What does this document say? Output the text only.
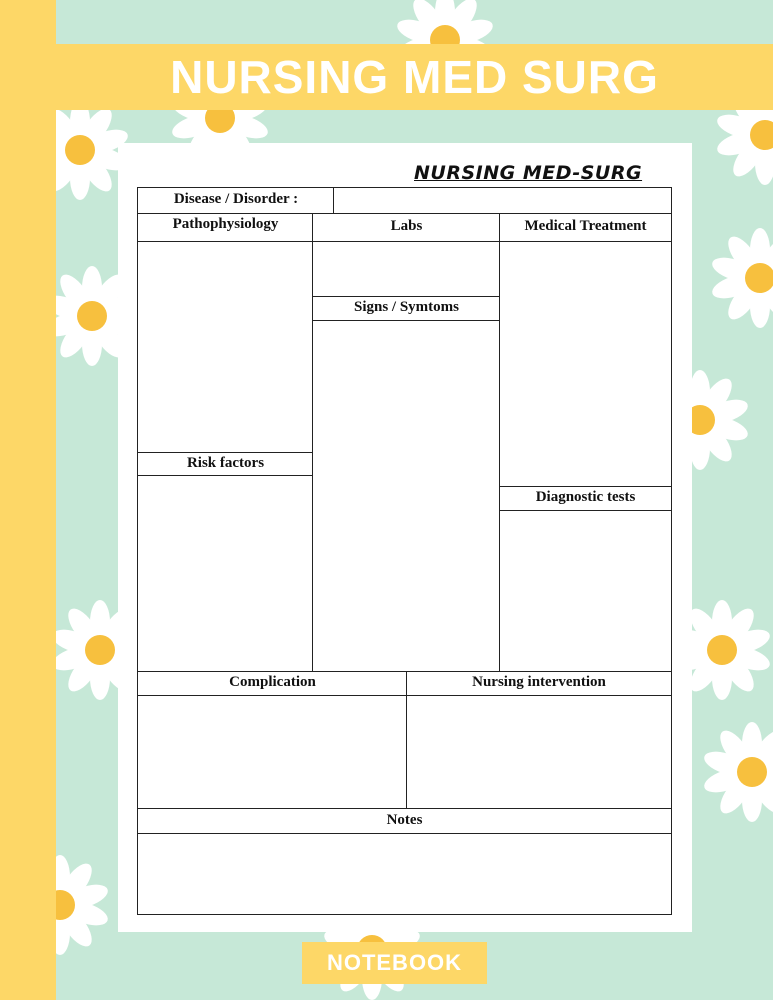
NURSING MED SURG
NURSING MED-SURG
Disease / Disorder :
Pathophysiology
Risk factors
Labs
Signs / Symtoms
Medical Treatment
Diagnostic tests
Complication	Nursing intervention
Notes
NOTEBOOK
